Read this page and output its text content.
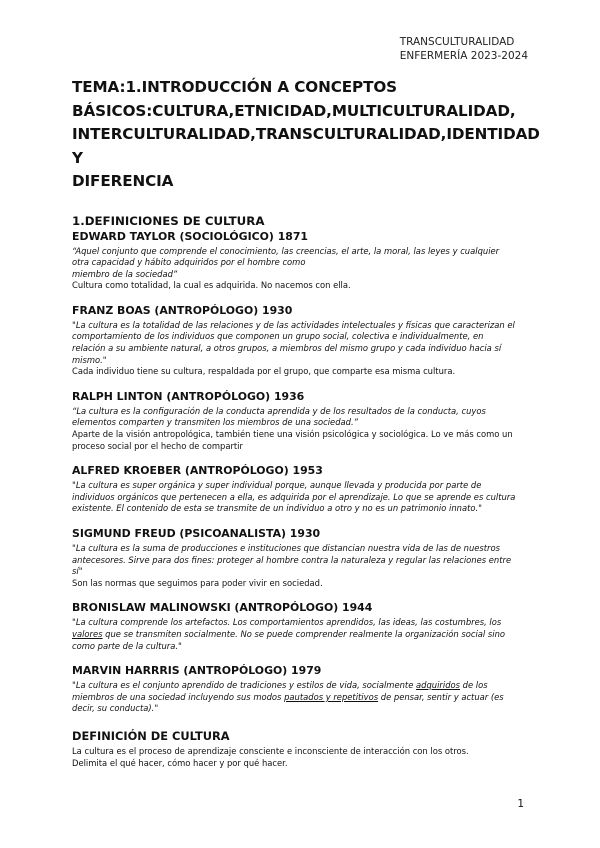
TRANSCULTURALIDAD
ENFERMERÍA 2023-2024
TEMA:1.INTRODUCCIÓN A CONCEPTOS
BÁSICOS:CULTURA,ETNICIDAD,MULTICULTURALIDAD,
INTERCULTURALIDAD,TRANSCULTURALIDAD,IDENTIDAD Y
DIFERENCIA
1.DEFINICIONES DE CULTURA
EDWARD TAYLOR (SOCIOLÓGICO) 1871

“Aquel conjunto que comprende el conocimiento, las creencias, el arte, la moral, las leyes y cualquier
otra capacidad y hábito adquiridos por el hombre como
miembro de la sociedad”

Cultura como totalidad, la cual es adquirida. No nacemos con ella.

FRANZ BOAS (ANTROPÓLOGO) 1930

"La cultura es la totalidad de las relaciones y de las actividades intelectuales y físicas que caracterizan el
comportamiento de los individuos que componen un grupo social, colectiva e individualmente, en
relación a su ambiente natural, a otros grupos, a miembros del mismo grupo y cada individuo hacia sí
mismo."

Cada individuo tiene su cultura, respaldada por el grupo, que comparte esa misma cultura.

RALPH LINTON (ANTROPÓLOGO) 1936

“La cultura es la configuración de la conducta aprendida y de los resultados de la conducta, cuyos
elementos comparten y transmiten los miembros de una sociedad.”

Aparte de la visión antropológica, también tiene una visión psicológica y sociológica. Lo ve más como un
proceso social por el hecho de compartir

ALFRED KROEBER (ANTROPÓLOGO) 1953

"La cultura es super orgánica y super individual porque, aunque llevada y producida por parte de
individuos orgánicos que pertenecen a ella, es adquirida por el aprendizaje. Lo que se aprende es cultura
existente. El contenido de esta se transmite de un individuo a otro y no es un patrimonio innato."

SIGMUND FREUD (PSICOANALISTA) 1930

"La cultura es la suma de producciones e instituciones que distancian nuestra vida de las de nuestros
antecesores. Sirve para dos fines: proteger al hombre contra la naturaleza y regular las relaciones entre
sí"

Son las normas que seguimos para poder vivir en sociedad.

BRONISLAW MALINOWSKI (ANTROPÓLOGO) 1944

"La cultura comprende los artefactos. Los comportamientos aprendidos, las ideas, las costumbres, los
valores que se transmiten socialmente. No se puede comprender realmente la organización social sino
como parte de la cultura."

MARVIN HARRRIS (ANTROPÓLOGO) 1979

"La cultura es el conjunto aprendido de tradiciones y estilos de vida, socialmente adquiridos de los
miembros de una sociedad incluyendo sus modos pautados y repetitivos de pensar, sentir y actuar (es
decir, su conducta)."

DEFINICIÓN DE CULTURA

La cultura es el proceso de aprendizaje consciente e inconsciente de interacción con los otros.
Delimita el qué hacer, cómo hacer y por qué hacer.

1
